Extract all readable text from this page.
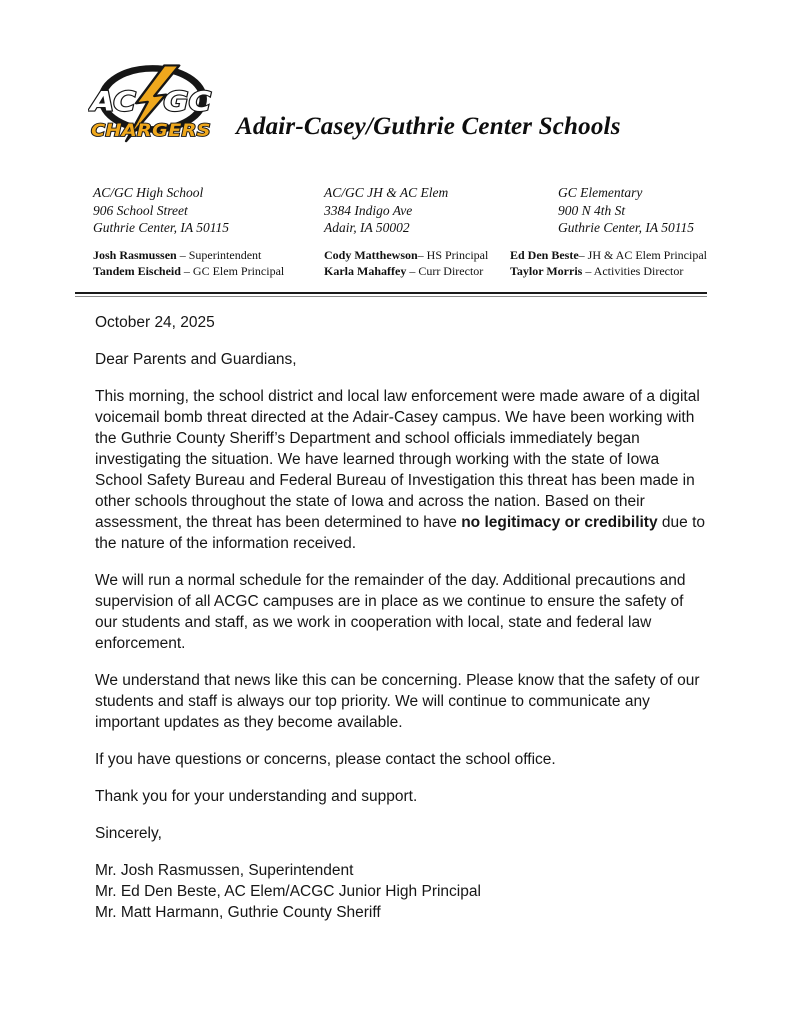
AC GC
CHARGERS Adair-Casey/Guthrie Center Schools
AC/GC High School
906 School Street
Guthrie Center, IA 50115
AC/GC JH & AC Elem
3384 Indigo Ave
Adair, IA 50002
GC Elementary
900 N 4th St
Guthrie Center, IA 50115
Josh Rasmussen – Superintendent
Tandem Eischeid – GC Elem Principal
Cody Matthewson– HS Principal
Karla Mahaffey – Curr Director
Ed Den Beste– JH & AC Elem Principal
Taylor Morris – Activities Director

October 24, 2025

Dear Parents and Guardians,

This morning, the school district and local law enforcement were made aware of a digital voicemail bomb threat directed at the Adair-Casey campus. We have been working with the Guthrie County Sheriff’s Department and school officials immediately began investigating the situation. We have learned through working with the state of Iowa School Safety Bureau and Federal Bureau of Investigation this threat has been made in other schools throughout the state of Iowa and across the nation. Based on their assessment, the threat has been determined to have no legitimacy or credibility due to the nature of the information received.

We will run a normal schedule for the remainder of the day. Additional precautions and supervision of all ACGC campuses are in place as we continue to ensure the safety of our students and staff, as we work in cooperation with local, state and federal law enforcement.

We understand that news like this can be concerning. Please know that the safety of our students and staff is always our top priority. We will continue to communicate any important updates as they become available.

If you have questions or concerns, please contact the school office.

Thank you for your understanding and support.

Sincerely,

Mr. Josh Rasmussen, Superintendent

Mr. Ed Den Beste, AC Elem/ACGC Junior High Principal

Mr. Matt Harmann, Guthrie County Sheriff
